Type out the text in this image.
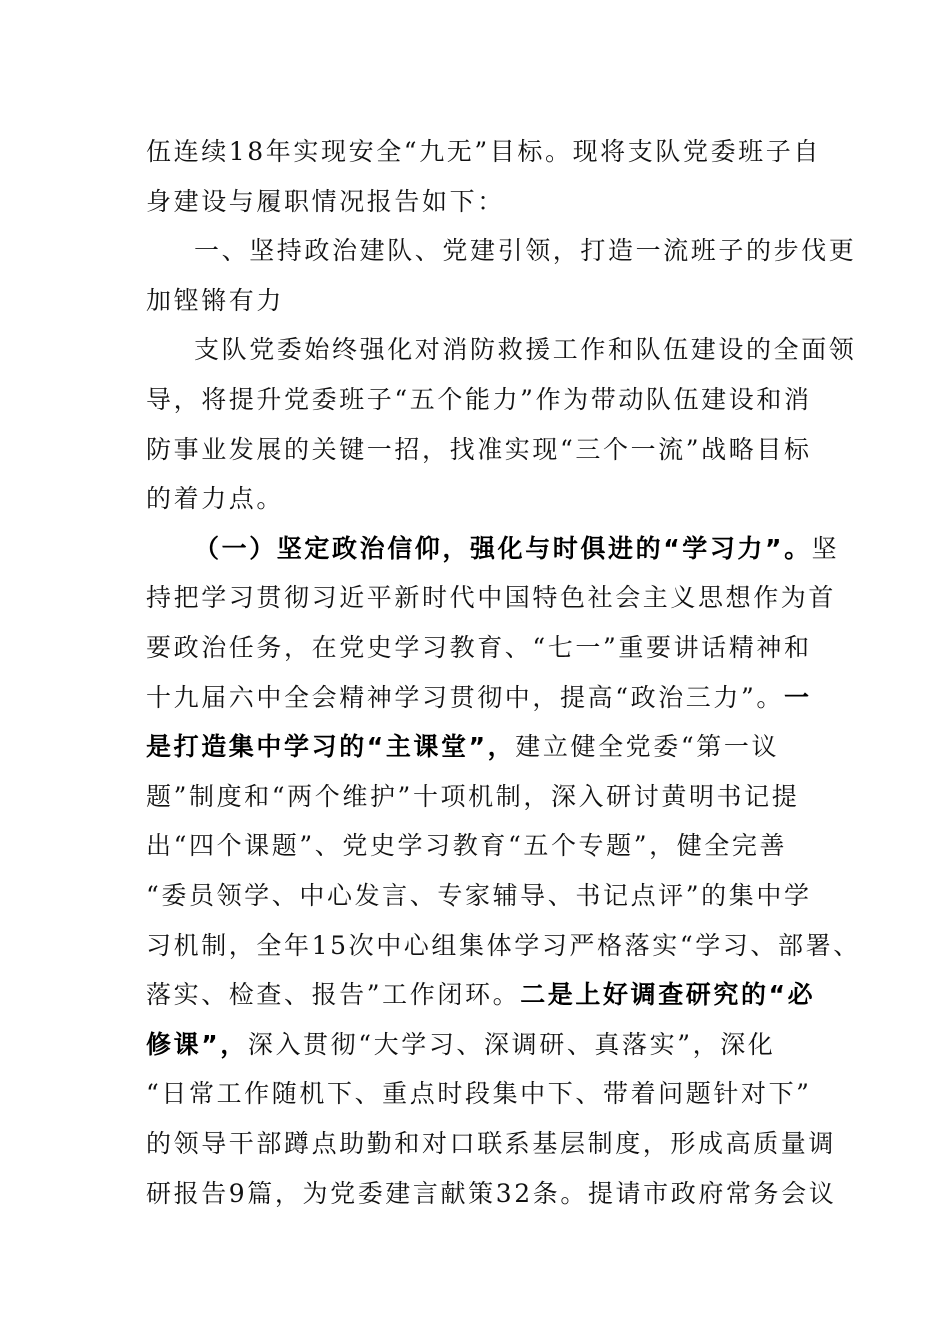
伍连续18年实现安全“九无”目标。现将支队党委班子自
身建设与履职情况报告如下：
一、坚持政治建队、党建引领，打造一流班子的步伐更
加铿锵有力
支队党委始终强化对消防救援工作和队伍建设的全面领
导，将提升党委班子“五个能力”作为带动队伍建设和消
防事业发展的关键一招，找准实现“三个一流”战略目标
的着力点。
（一）坚定政治信仰，强化与时俱进的“学习力”。坚
持把学习贯彻习近平新时代中国特色社会主义思想作为首
要政治任务，在党史学习教育、“七一”重要讲话精神和
十九届六中全会精神学习贯彻中，提高“政治三力”。一
是打造集中学习的“主课堂”，建立健全党委“第一议
题”制度和“两个维护”十项机制，深入研讨黄明书记提
出“四个课题”、党史学习教育“五个专题”，健全完善
“委员领学、中心发言、专家辅导、书记点评”的集中学
习机制，全年15次中心组集体学习严格落实“学习、部署、
落实、检查、报告”工作闭环。二是上好调查研究的“必
修课”，深入贯彻“大学习、深调研、真落实”，深化
“日常工作随机下、重点时段集中下、带着问题针对下”
的领导干部蹲点助勤和对口联系基层制度，形成高质量调
研报告9篇，为党委建言献策32条。提请市政府常务会议
